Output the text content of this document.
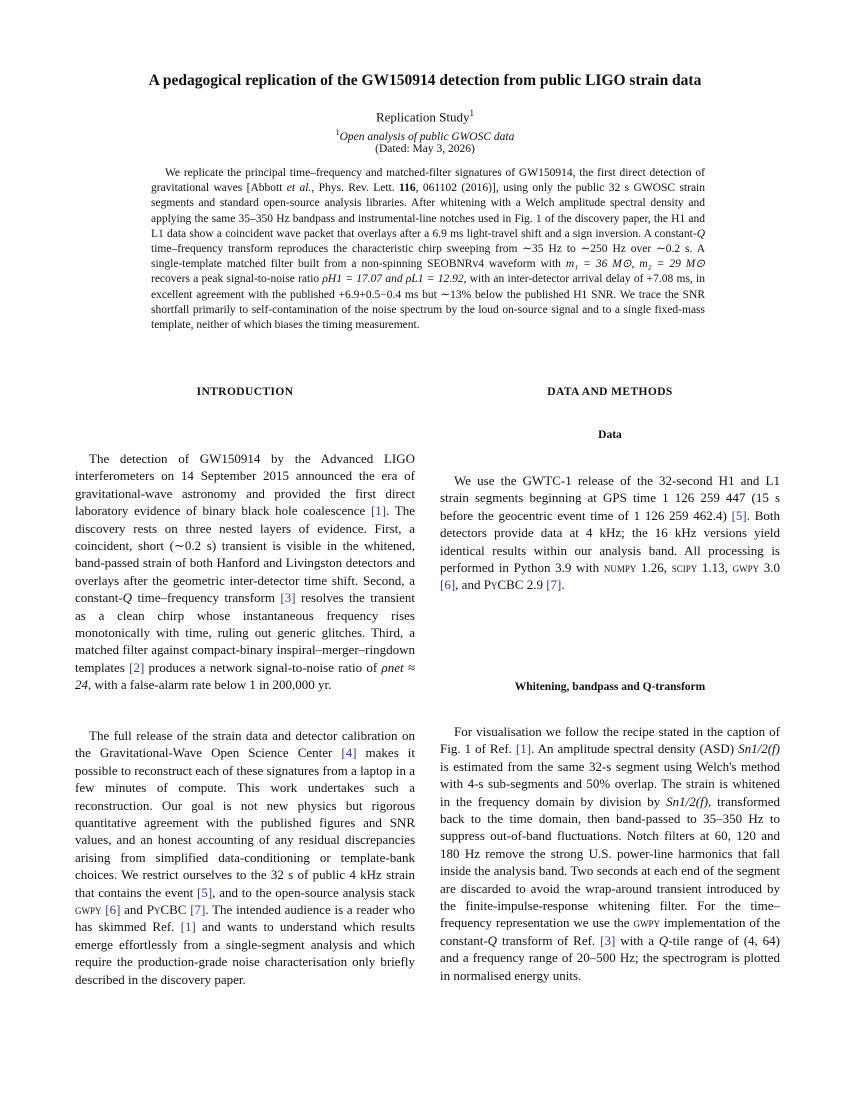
A pedagogical replication of the GW150914 detection from public LIGO strain data
Replication Study$^1$
$^1$Open analysis of public GWOSC data
(Dated: May 3, 2026)
We replicate the principal time–frequency and matched-filter signatures of GW150914, the first direct detection of gravitational waves [Abbott et al., Phys. Rev. Lett. 116, 061102 (2016)], using only the public 32 s GWOSC strain segments and standard open-source analysis libraries. After whitening with a Welch amplitude spectral density and applying the same 35–350 Hz bandpass and instrumental-line notches used in Fig. 1 of the discovery paper, the H1 and L1 data show a coincident wave packet that overlays after a 6.9 ms light-travel shift and a sign inversion. A constant-Q time–frequency transform reproduces the characteristic chirp sweeping from ∼35 Hz to ∼250 Hz over ∼0.2 s. A single-template matched filter built from a non-spinning SEOBNRv4 waveform with m₁ = 36 M⊙, m₂ = 29 M⊙ recovers a peak signal-to-noise ratio ρH1 = 17.07 and ρL1 = 12.92, with an inter-detector arrival delay of +7.08 ms, in excellent agreement with the published +6.9+0.5−0.4 ms but ∼13% below the published H1 SNR. We trace the SNR shortfall primarily to self-contamination of the noise spectrum by the loud on-source signal and to a single fixed-mass template, neither of which biases the timing measurement.
INTRODUCTION	DATA AND METHODS
Data
The detection of GW150914 by the Advanced LIGO interferometers on 14 September 2015 announced the era of gravitational-wave astronomy and provided the first direct laboratory evidence of binary black hole coalescence [1]. The discovery rests on three nested layers of evidence. First, a coincident, short (∼0.2 s) transient is visible in the whitened, band-passed strain of both Hanford and Livingston detectors and overlays after the geometric inter-detector time shift. Second, a constant-Q time–frequency transform [3] resolves the transient as a clean chirp whose instantaneous frequency rises monotonically with time, ruling out generic glitches. Third, a matched filter against compact-binary inspiral–merger–ringdown templates [2] produces a network signal-to-noise ratio of ρnet ≈ 24, with a false-alarm rate below 1 in 200,000 yr.
The full release of the strain data and detector calibration on the Gravitational-Wave Open Science Center [4] makes it possible to reconstruct each of these signatures from a laptop in a few minutes of compute. This work undertakes such a reconstruction. Our goal is not new physics but rigorous quantitative agreement with the published figures and SNR values, and an honest accounting of any residual discrepancies arising from simplified data-conditioning or template-bank choices. We restrict ourselves to the 32 s of public 4 kHz strain that contains the event [5], and to the open-source analysis stack gwpy [6] and PyCBC [7]. The intended audience is a reader who has skimmed Ref. [1] and wants to understand which results emerge effortlessly from a single-segment analysis and which require the production-grade noise characterisation only briefly described in the discovery paper.
We use the GWTC-1 release of the 32-second H1 and L1 strain segments beginning at GPS time 1 126 259 447 (15 s before the geocentric event time of 1 126 259 462.4) [5]. Both detectors provide data at 4 kHz; the 16 kHz versions yield identical results within our analysis band. All processing is performed in Python 3.9 with numpy 1.26, scipy 1.13, gwpy 3.0 [6], and PyCBC 2.9 [7].
Whitening, bandpass and Q-transform
For visualisation we follow the recipe stated in the caption of Fig. 1 of Ref. [1]. An amplitude spectral density (ASD) Sn1/2(f) is estimated from the same 32-s segment using Welch's method with 4-s sub-segments and 50% overlap. The strain is whitened in the frequency domain by division by Sn1/2(f), transformed back to the time domain, then band-passed to 35–350 Hz to suppress out-of-band fluctuations. Notch filters at 60, 120 and 180 Hz remove the strong U.S. power-line harmonics that fall inside the analysis band. Two seconds at each end of the segment are discarded to avoid the wrap-around transient introduced by the finite-impulse-response whitening filter. For the time–frequency representation we use the gwpy implementation of the constant-Q transform of Ref. [3] with a Q-tile range of (4, 64) and a frequency range of 20–500 Hz; the spectrogram is plotted in normalised energy units.
